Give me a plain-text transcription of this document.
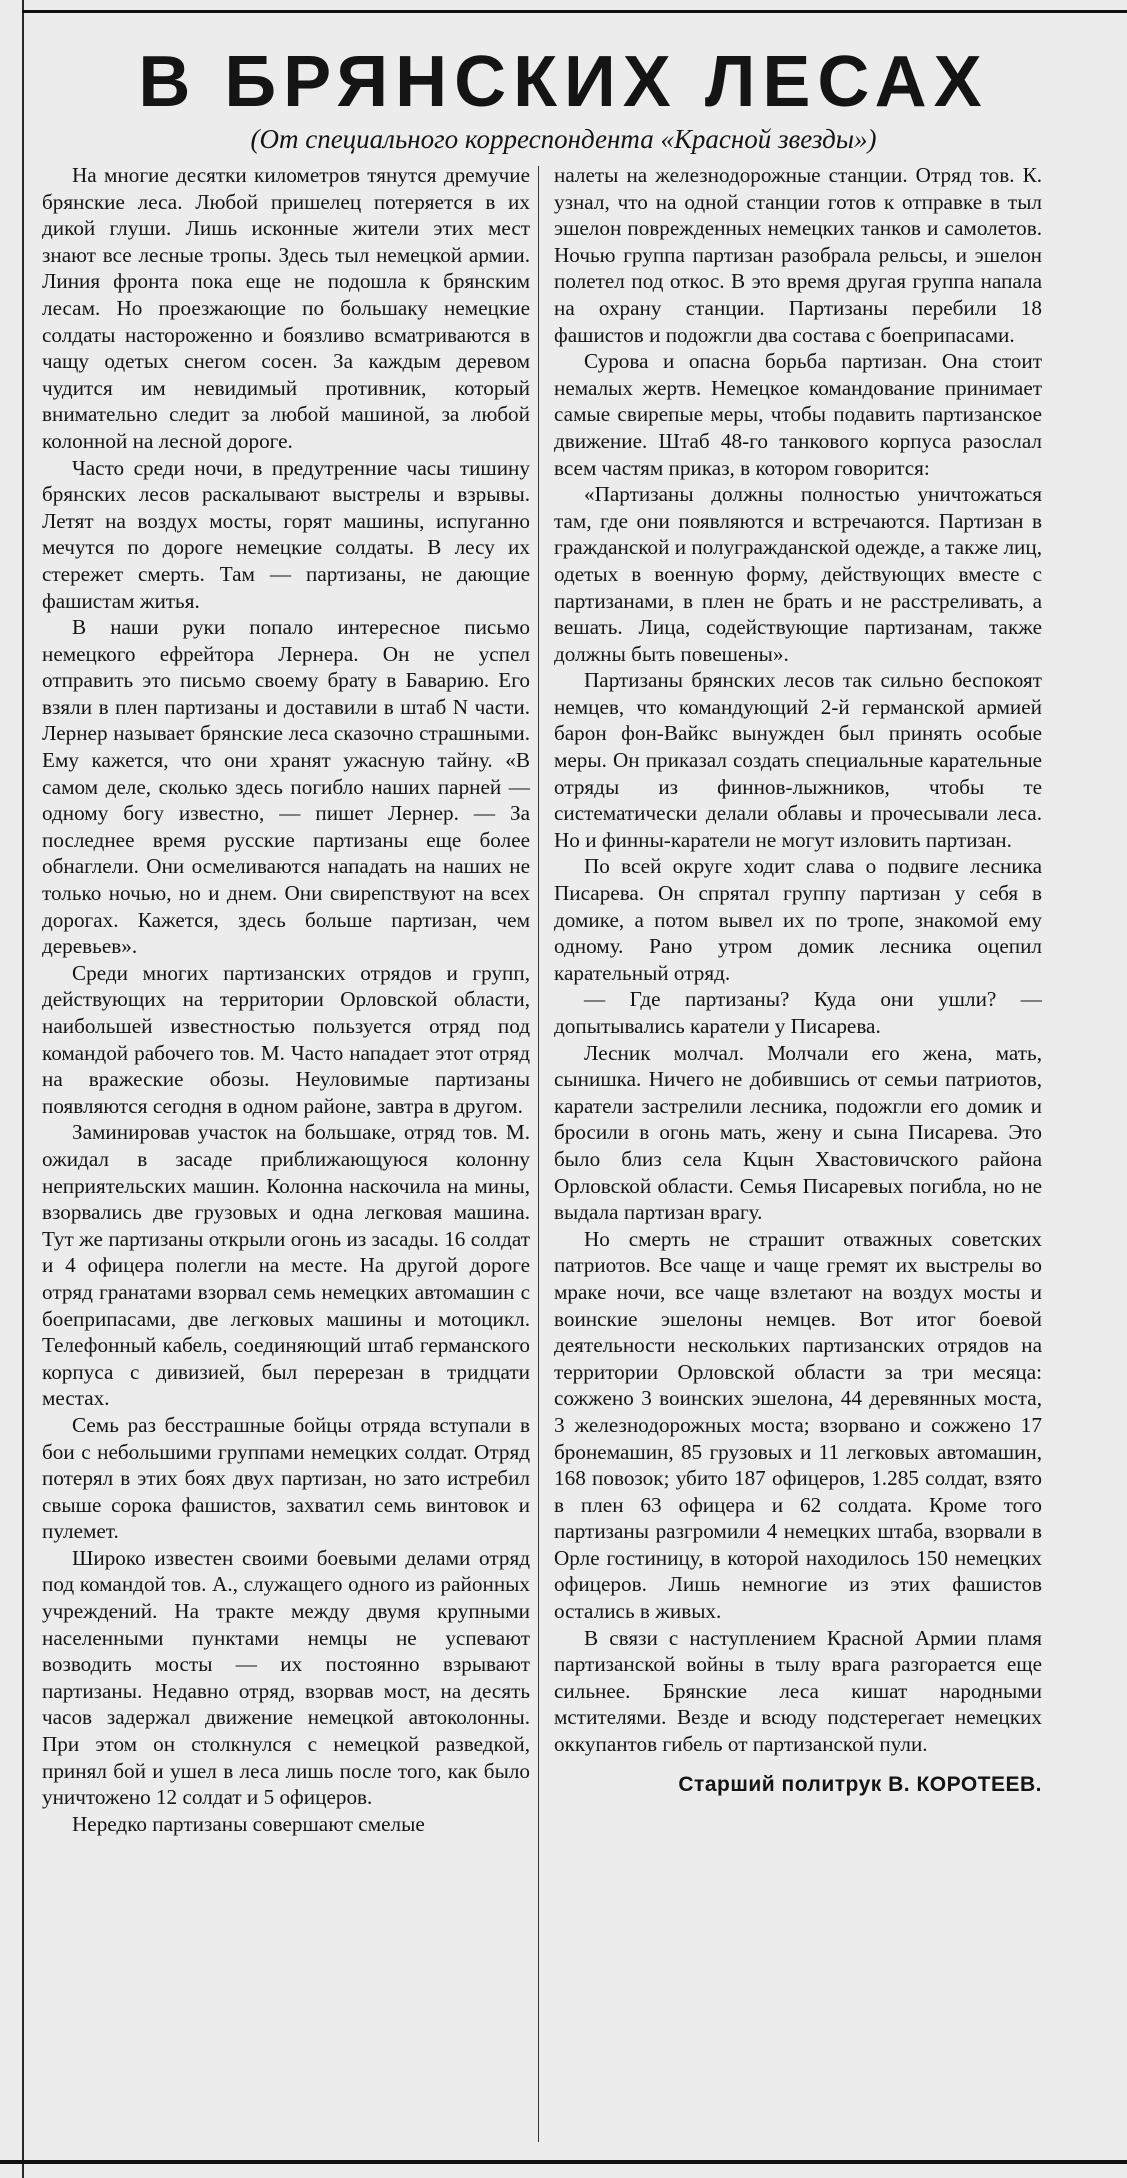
В БРЯНСКИХ ЛЕСАХ
(От специального корреспондента «Красной звезды»)

На многие десятки километров тянутся дремучие брянские леса. Любой пришелец потеряется в их дикой глуши. Лишь исконные жители этих мест знают все лесные тропы. Здесь тыл немецкой армии. Линия фронта пока еще не подошла к брянским лесам. Но проезжающие по большаку немецкие солдаты настороженно и боязливо всматриваются в чащу одетых снегом сосен. За каждым деревом чудится им невидимый противник, который внимательно следит за любой машиной, за любой колонной на лесной дороге.

Часто среди ночи, в предутренние часы тишину брянских лесов раскалывают выстрелы и взрывы. Летят на воздух мосты, горят машины, испуганно мечутся по дороге немецкие солдаты. В лесу их стережет смерть. Там — партизаны, не дающие фашистам житья.

В наши руки попало интересное письмо немецкого ефрейтора Лернера. Он не успел отправить это письмо своему брату в Баварию. Его взяли в плен партизаны и доставили в штаб N части. Лернер называет брянские леса сказочно страшными. Ему кажется, что они хранят ужасную тайну. «В самом деле, сколько здесь погибло наших парней — одному богу известно, — пишет Лернер. — За последнее время русские партизаны еще более обнаглели. Они осмеливаются нападать на наших не только ночью, но и днем. Они свирепствуют на всех дорогах. Кажется, здесь больше партизан, чем деревьев».

Среди многих партизанских отрядов и групп, действующих на территории Орловской области, наибольшей известностью пользуется отряд под командой рабочего тов. М. Часто нападает этот отряд на вражеские обозы. Неуловимые партизаны появляются сегодня в одном районе, завтра в другом.

Заминировав участок на большаке, отряд тов. М. ожидал в засаде приближающуюся колонну неприятельских машин. Колонна наскочила на мины, взорвались две грузовых и одна легковая машина. Тут же партизаны открыли огонь из засады. 16 солдат и 4 офицера полегли на месте. На другой дороге отряд гранатами взорвал семь немецких автомашин с боеприпасами, две легковых машины и мотоцикл. Телефонный кабель, соединяющий штаб германского корпуса с дивизией, был перерезан в тридцати местах.

Семь раз бесстрашные бойцы отряда вступали в бои с небольшими группами немецких солдат. Отряд потерял в этих боях двух партизан, но зато истребил свыше сорока фашистов, захватил семь винтовок и пулемет.

Широко известен своими боевыми делами отряд под командой тов. А., служащего одного из районных учреждений. На тракте между двумя крупными населенными пунктами немцы не успевают возводить мосты — их постоянно взрывают партизаны. Недавно отряд, взорвав мост, на десять часов задержал движение немецкой автоколонны. При этом он столкнулся с немецкой разведкой, принял бой и ушел в леса лишь после того, как было уничтожено 12 солдат и 5 офицеров.

Нередко партизаны совершают смелые

налеты на железнодорожные станции. Отряд тов. К. узнал, что на одной станции готов к отправке в тыл эшелон поврежденных немецких танков и самолетов. Ночью группа партизан разобрала рельсы, и эшелон полетел под откос. В это время другая группа напала на охрану станции. Партизаны перебили 18 фашистов и подожгли два состава с боеприпасами.

Сурова и опасна борьба партизан. Она стоит немалых жертв. Немецкое командование принимает самые свирепые меры, чтобы подавить партизанское движение. Штаб 48-го танкового корпуса разослал всем частям приказ, в котором говорится:

«Партизаны должны полностью уничтожаться там, где они появляются и встречаются. Партизан в гражданской и полугражданской одежде, а также лиц, одетых в военную форму, действующих вместе с партизанами, в плен не брать и не расстреливать, а вешать. Лица, содействующие партизанам, также должны быть повешены».

Партизаны брянских лесов так сильно беспокоят немцев, что командующий 2-й германской армией барон фон-Вайкс вынужден был принять особые меры. Он приказал создать специальные карательные отряды из финнов-лыжников, чтобы те систематически делали облавы и прочесывали леса. Но и финны-каратели не могут изловить партизан.

По всей округе ходит слава о подвиге лесника Писарева. Он спрятал группу партизан у себя в домике, а потом вывел их по тропе, знакомой ему одному. Рано утром домик лесника оцепил карательный отряд.

— Где партизаны? Куда они ушли? — допытывались каратели у Писарева.

Лесник молчал. Молчали его жена, мать, сынишка. Ничего не добившись от семьи патриотов, каратели застрелили лесника, подожгли его домик и бросили в огонь мать, жену и сына Писарева. Это было близ села Кцын Хвастовичского района Орловской области. Семья Писаревых погибла, но не выдала партизан врагу.

Но смерть не страшит отважных советских патриотов. Все чаще и чаще гремят их выстрелы во мраке ночи, все чаще взлетают на воздух мосты и воинские эшелоны немцев. Вот итог боевой деятельности нескольких партизанских отрядов на территории Орловской области за три месяца: сожжено 3 воинских эшелона, 44 деревянных моста, 3 железнодорожных моста; взорвано и сожжено 17 бронемашин, 85 грузовых и 11 легковых автомашин, 168 повозок; убито 187 офицеров, 1.285 солдат, взято в плен 63 офицера и 62 солдата. Кроме того партизаны разгромили 4 немецких штаба, взорвали в Орле гостиницу, в которой находилось 150 немецких офицеров. Лишь немногие из этих фашистов остались в живых.

В связи с наступлением Красной Армии пламя партизанской войны в тылу врага разгорается еще сильнее. Брянские леса кишат народными мстителями. Везде и всюду подстерегает немецких оккупантов гибель от партизанской пули.

Старший политрук В. КОРОТЕЕВ.
